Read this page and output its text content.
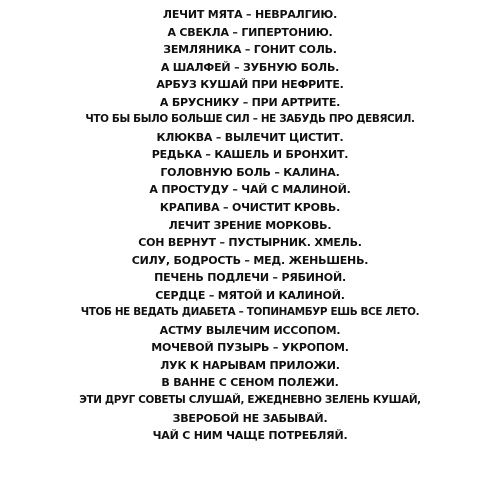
ЛЕЧИТ МЯТА – НЕВРАЛГИЮ.
А СВЕКЛА – ГИПЕРТОНИЮ.
ЗЕМЛЯНИКА – ГОНИТ СОЛЬ.
А ШАЛФЕЙ – ЗУБНУЮ БОЛЬ.
АРБУЗ КУШАЙ ПРИ НЕФРИТЕ.
А БРУСНИКУ – ПРИ АРТРИТЕ.
ЧТО БЫ БЫЛО БОЛЬШЕ СИЛ – НЕ ЗАБУДЬ ПРО ДЕВЯСИЛ.
КЛЮКВА – ВЫЛЕЧИТ ЦИСТИТ.
РЕДЬКА – КАШЕЛЬ И БРОНХИТ.
ГОЛОВНУЮ БОЛЬ – КАЛИНА.
А ПРОСТУДУ – ЧАЙ С МАЛИНОЙ.
КРАПИВА – ОЧИСТИТ КРОВЬ.
ЛЕЧИТ ЗРЕНИЕ МОРКОВЬ.
СОН ВЕРНУТ – ПУСТЫРНИК. ХМЕЛЬ.
СИЛУ, БОДРОСТЬ – МЕД. ЖЕНЬШЕНЬ.
ПЕЧЕНЬ ПОДЛЕЧИ – РЯБИНОЙ.
СЕРДЦЕ – МЯТОЙ И КАЛИНОЙ.
ЧТОБ НЕ ВЕДАТЬ ДИАБЕТА – ТОПИНАМБУР ЕШЬ ВСЕ ЛЕТО.
АСТМУ ВЫЛЕЧИМ ИССОПОМ.
МОЧЕВОЙ ПУЗЫРЬ – УКРОПОМ.
ЛУК К НАРЫВАМ ПРИЛОЖИ.
В ВАННЕ С СЕНОМ ПОЛЕЖИ.
ЭТИ ДРУГ СОВЕТЫ СЛУШАЙ, ЕЖЕДНЕВНО ЗЕЛЕНЬ КУШАЙ,
ЗВЕРОБОЙ НЕ ЗАБЫВАЙ.
ЧАЙ С НИМ ЧАЩЕ ПОТРЕБЛЯЙ.
